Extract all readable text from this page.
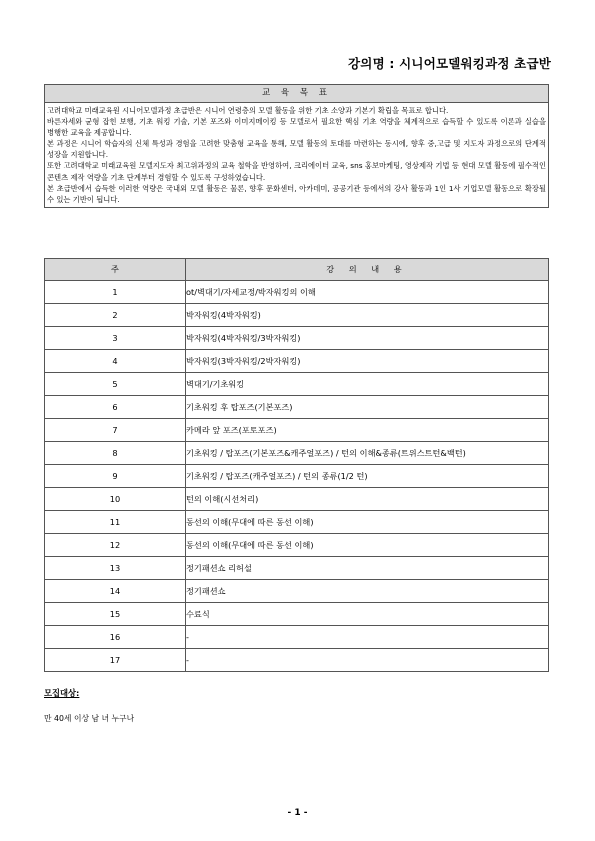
강의명 : 시니어모델워킹과정 초급반
교 육 목 표

고려대학교 미래교육원 시니어모델과정 초급반은 시니어 연령층의 모델 활동을 위한 기초 소양과 기본기 확립을 목표로 합니다.

바른자세와 균형 잡힌 보행, 기초 워킹 기술, 기본 포즈와 이미지메이킹 등 모델로서 필요한 핵심 기초 역량을 체계적으로 습득할 수 있도록 이론과 실습을 병행한 교육을 제공합니다.

본 과정은 시니어 학습자의 신체 특성과 경험을 고려한 맞춤형 교육을 통해, 모델 활동의 토대를 마련하는 동시에, 향후 중,고급 및 지도자 과정으로의 단계적 성장을 지원합니다.

또한 고려대학교 미래교육원 모델지도자 최고위과정의 교육 철학을 반영하여, 크리에이터 교육, sns 홍보마케팅, 영상제작 기법 등 현대 모델 활동에 필수적인 콘텐츠 제작 역량을 기초 단계부터 경험할 수 있도록 구성하였습니다.

본 초급반에서 습득한 이러한 역량은 국내외 모델 활동은 물론, 향후 문화센터, 아카데미, 공공기관 등에서의 강사 활동과 1인 1사 기업모델 활동으로 확장될 수 있는 기반이 됩니다.

주	강 의 내 용
1	ot/벽대기/자세교정/박자워킹의 이해
2	박자워킹(4박자워킹)
3	박자워킹(4박자워킹/3박자워킹)
4	박자워킹(3박자워킹/2박자워킹)
5	벽대기/기초워킹
6	기초워킹 후 탑포즈(기본포즈)
7	카메라 앞 포즈(포토포즈)
8	기초워킹 / 탑포즈(기본포즈&캐주얼포즈) / 턴의 이해&종류(트위스트턴&백턴)
9	기초워킹 / 탑포즈(캐주얼포즈) / 턴의 종류(1/2 턴)
10	턴의 이해(시선처리)
11	동선의 이해(무대에 따른 동선 이해)
12	동선의 이해(무대에 따른 동선 이해)
13	정기패션쇼 리허설
14	정기패션쇼
15	수료식
16	-
17	-
모집대상:
만 40세 이상 남 녀 누구나
- 1 -
